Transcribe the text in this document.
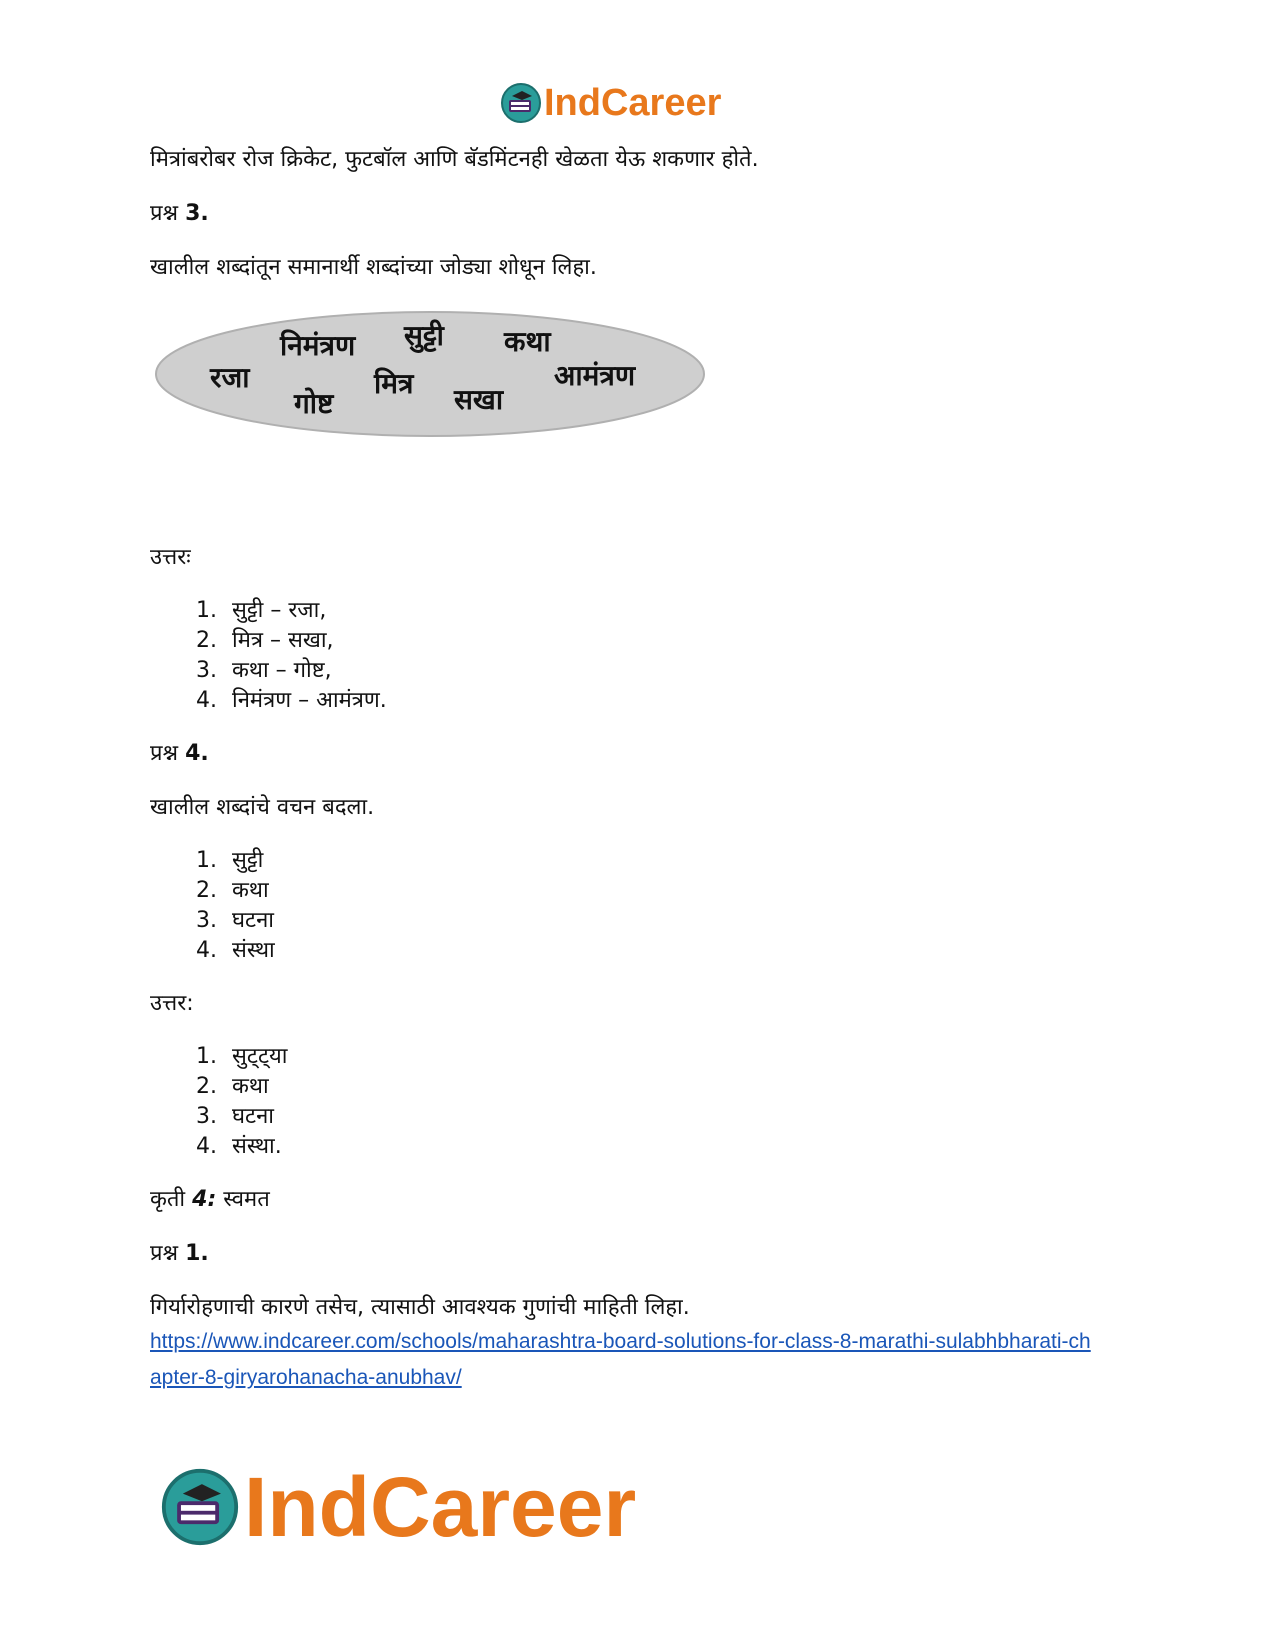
IndCareer

मित्रांबरोबर रोज क्रिकेट, फुटबॉल आणि बॅडमिंटनही खेळता येऊ शकणार होते.

प्रश्न 3.

खालील शब्दांतून समानार्थी शब्दांच्या जोड्या शोधून लिहा.

निमंत्रण सुट्टी कथा
रजा
गोष्ट
मित्र सखा
आमंत्रण

उत्तरः

1. सुट्टी – रजा,
2. मित्र – सखा,
3. कथा – गोष्ट,
4. निमंत्रण – आमंत्रण.

प्रश्न 4.

खालील शब्दांचे वचन बदला.

1. सुट्टी
2. कथा
3. घटना
4. संस्था

उत्तर:

1. सुट्ट्या
2. कथा
3. घटना
4. संस्था.

कृती 4: स्वमत

प्रश्न 1.

गिर्यारोहणाची कारणे तसेच, त्यासाठी आवश्यक गुणांची माहिती लिहा.

https://www.indcareer.com/schools/maharashtra-board-solutions-for-class-8-marathi-sulabhbharati-chapter-8-giryarohanacha-anubhav/
IndCareer
